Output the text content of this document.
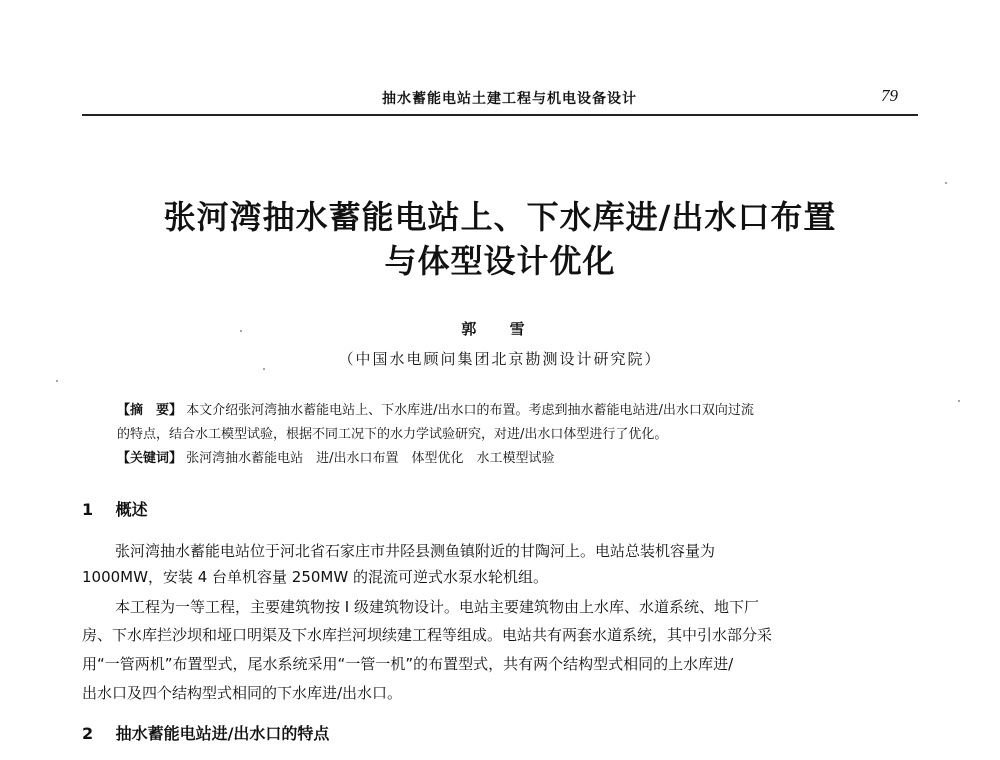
抽水蓄能电站土建工程与机电设备设计	79
张河湾抽水蓄能电站上、下水库进/出水口布置
与体型设计优化
郭 雪
（中国水电顾问集团北京勘测设计研究院）
【摘　要】 本文介绍张河湾抽水蓄能电站上、下水库进/出水口的布置。考虑到抽水蓄能电站进/出水口双向过流
的特点，结合水工模型试验，根据不同工况下的水力学试验研究，对进/出水口体型进行了优化。
【关键词】 张河湾抽水蓄能电站　进/出水口布置　体型优化　水工模型试验
1 概述
张河湾抽水蓄能电站位于河北省石家庄市井陉县测鱼镇附近的甘陶河上。电站总装机容量为
1000MW，安装 4 台单机容量 250MW 的混流可逆式水泵水轮机组。
本工程为一等工程，主要建筑物按 I 级建筑物设计。电站主要建筑物由上水库、水道系统、地下厂
房、下水库拦沙坝和垭口明渠及下水库拦河坝续建工程等组成。电站共有两套水道系统，其中引水部分采
用“一管两机”布置型式，尾水系统采用“一管一机”的布置型式，共有两个结构型式相同的上水库进/
出水口及四个结构型式相同的下水库进/出水口。
2 抽水蓄能电站进/出水口的特点
